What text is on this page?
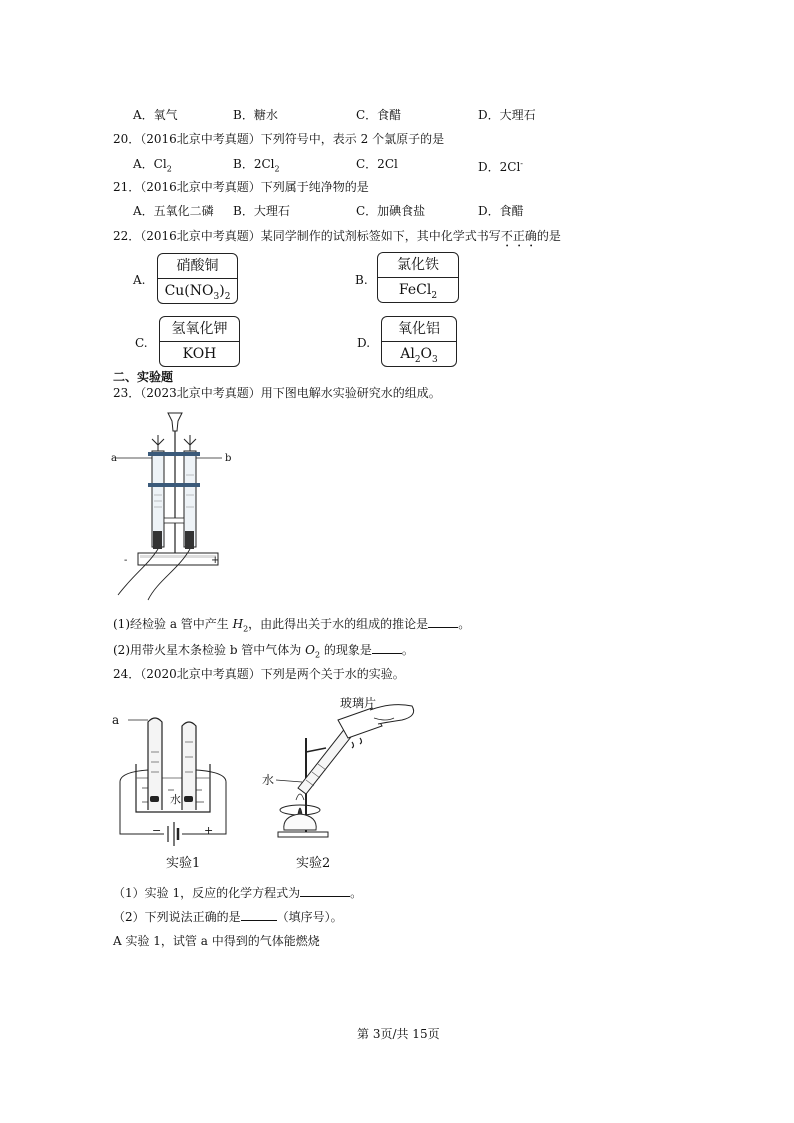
A．氧气	B．糖水	C．食醋	D．大理石
20．（2016北京中考真题）下列符号中，表示 2 个氯原子的是
A．$Cl_2$	B．$2Cl_2$	C．2Cl	D．2Cl-
21．（2016北京中考真题）下列属于纯净物的是
A．五氧化二磷 B．大理石	C．加碘食盐	D．食醋
22．（2016北京中考真题）某同学制作的试剂标签如下，其中化学式书写不正确的是
A.
硝酸铜
$Cu(NO_3)_2$
B.
氯化铁
FeCl$_2$
C.
氢氧化钾
KOH
D.
氧化铝
$Al_2O_3$
二、实验题
23．（2023北京中考真题）用下图电解水实验研究水的组成。
a	b
-	+
(1)经检验 a 管中产生 $H_2$，由此得出关于水的组成的推论是	。
(2)用带火星木条检验 b 管中气体为 $O_2$ 的现象是	。
24．（2020北京中考真题）下列是两个关于水的实验。
a
水
−	+
实验1
玻璃片
水
实验2
（1）实验 1，反应的化学方程式为	。
（2）下列说法正确的是	（填序号）。
A 实验 1，试管 a 中得到的气体能燃烧
第 3页/共 15页
